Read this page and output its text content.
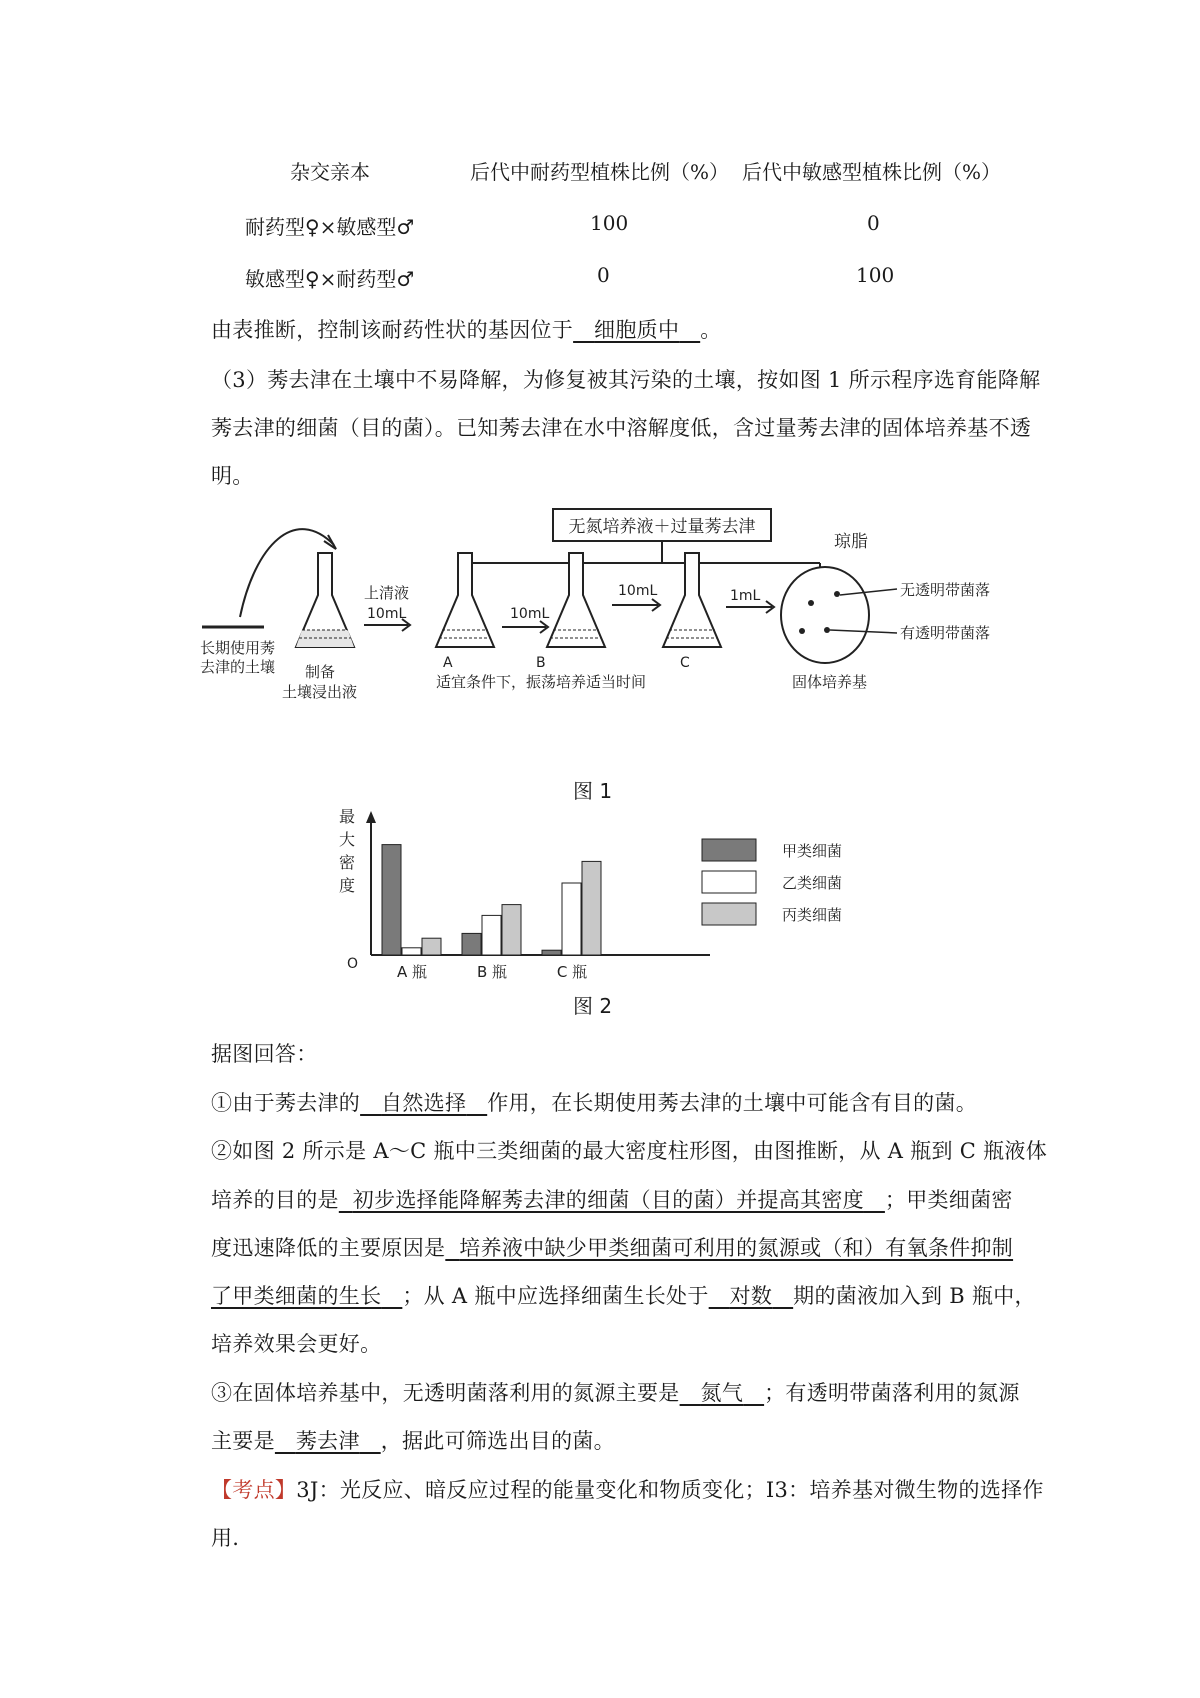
杂交亲本	后代中耐药型植株比例（%） 后代中敏感型植株比例（%）
耐药型♀×敏感型♂	100	0
敏感型♀×耐药型♂	0	100
由表推断，控制该耐药性状的基因位于 细胞质中 。
（3）莠去津在土壤中不易降解，为修复被其污染的土壤，按如图 1 所示程序选育能降解
莠去津的细菌（目的菌）。已知莠去津在水中溶解度低，含过量莠去津的固体培养基不透
明。
无氮培养液＋过量莠去津
琼脂
长期使用莠
去津的土壤 制备
土壤浸出液
上清液
10mL
A
10mL
B
10mL
C
适宜条件下，振荡培养适当时间
1mL	无透明带菌落
有透明带菌落
固体培养基
图 1
A 瓶	B 瓶	C 瓶
最
大
密
度
O
甲类细菌
乙类细菌
丙类细菌
图 2
据图回答：
①由于莠去津的 自然选择 作用，在长期使用莠去津的土壤中可能含有目的菌。
②如图 2 所示是 A～C 瓶中三类细菌的最大密度柱形图，由图推断，从 A 瓶到 C 瓶液体
培养的目的是 初步选择能降解莠去津的细菌（目的菌）并提高其密度 ；甲类细菌密
度迅速降低的主要原因是 培养液中缺少甲类细菌可利用的氮源或（和）有氧条件抑制
了甲类细菌的生长 ；从 A 瓶中应选择细菌生长处于 对数 期的菌液加入到 B 瓶中，
培养效果会更好。
③在固体培养基中，无透明菌落利用的氮源主要是 氮气 ；有透明带菌落利用的氮源
主要是 莠去津 ，据此可筛选出目的菌。
【考点】3J：光反应、暗反应过程的能量变化和物质变化；I3：培养基对微生物的选择作
用.
